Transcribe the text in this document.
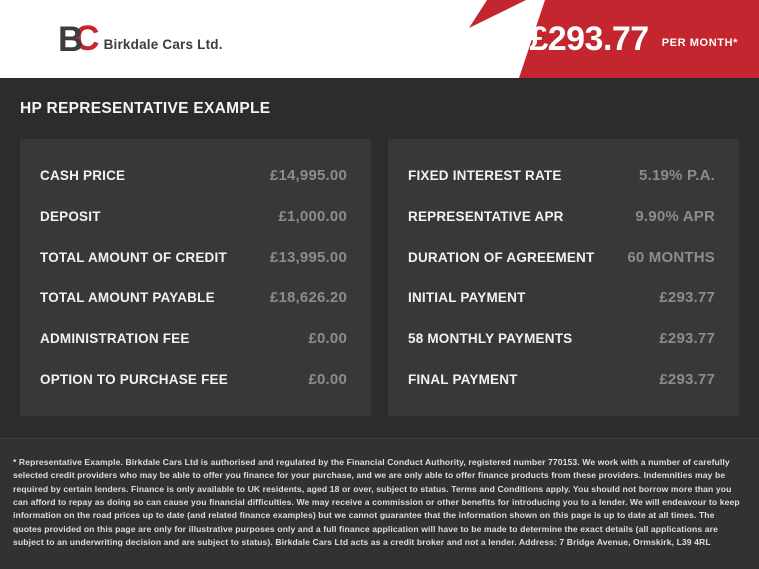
B
C Birkdale Cars Ltd.	£293.77 PER MONTH*
HP REPRESENTATIVE EXAMPLE
CASH PRICE	£14,995.00
DEPOSIT	£1,000.00
TOTAL AMOUNT OF CREDIT	£13,995.00
TOTAL AMOUNT PAYABLE	£18,626.20
ADMINISTRATION FEE	£0.00
OPTION TO PURCHASE FEE	£0.00
FIXED INTEREST RATE	5.19% P.A.
REPRESENTATIVE APR	9.90% APR
DURATION OF AGREEMENT 60 MONTHS
INITIAL PAYMENT	£293.77
58 MONTHLY PAYMENTS	£293.77
FINAL PAYMENT	£293.77

* Representative Example. Birkdale Cars Ltd is authorised and regulated by the Financial Conduct Authority, registered number 770153. We work with a number of carefully selected credit providers who may be able to offer you finance for your purchase, and we are only able to offer finance products from these providers. Indemnities may be required by certain lenders. Finance is only available to UK residents, aged 18 or over, subject to status. Terms and Conditions apply. You should not borrow more than you can afford to repay as doing so can cause you financial difficulties. We may receive a commission or other benefits for introducing you to a lender. We will endeavour to keep information on the road prices up to date (and related finance examples) but we cannot guarantee that the information shown on this page is up to date at all times. The quotes provided on this page are only for illustrative purposes only and a full finance application will have to be made to determine the exact details (all applications are subject to an underwriting decision and are subject to status). Birkdale Cars Ltd acts as a credit broker and not a lender. Address: 7 Bridge Avenue, Ormskirk, L39 4RL
